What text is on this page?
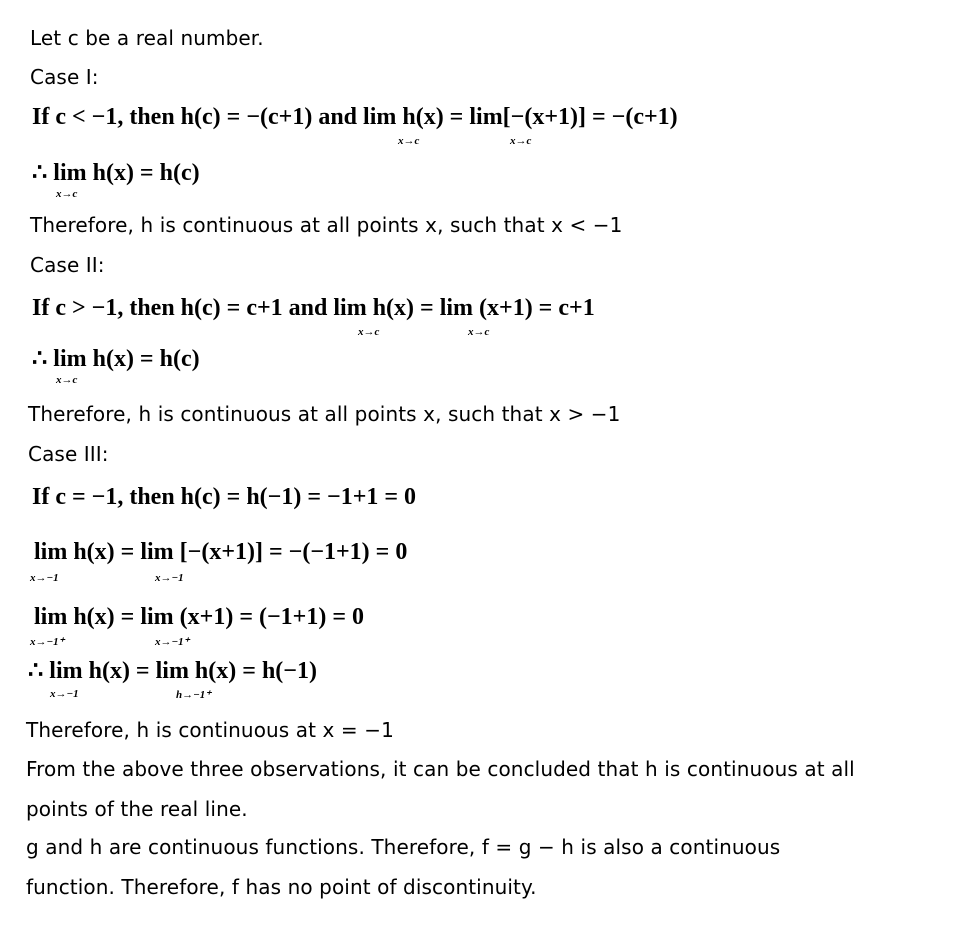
Let c be a real number.
Case I:
If c < −1, then h(c) = −(c+1) and lim h(x) = lim[−(x+1)] = −(c+1)
x→c	x→c
∴ lim h(x) = h(c)
x→c
Therefore, h is continuous at all points x, such that x < −1
Case II:
If c > −1, then h(c) = c+1 and lim h(x) = lim (x+1) = c+1
x→c	x→c
∴ lim h(x) = h(c)
x→c
Therefore, h is continuous at all points x, such that x > −1
Case III:
If c = −1, then h(c) = h(−1) = −1+1 = 0
lim h(x) = lim [−(x+1)] = −(−1+1) = 0
x→−1	x→−1
lim h(x) = lim (x+1) = (−1+1) = 0
x→−1⁺	x→−1⁺
∴ lim h(x) = lim h(x) = h(−1)
x→−1	h→−1⁺
Therefore, h is continuous at x = −1
From the above three observations, it can be concluded that h is continuous at all
points of the real line.
g and h are continuous functions. Therefore, f = g − h is also a continuous
function. Therefore, f has no point of discontinuity.
